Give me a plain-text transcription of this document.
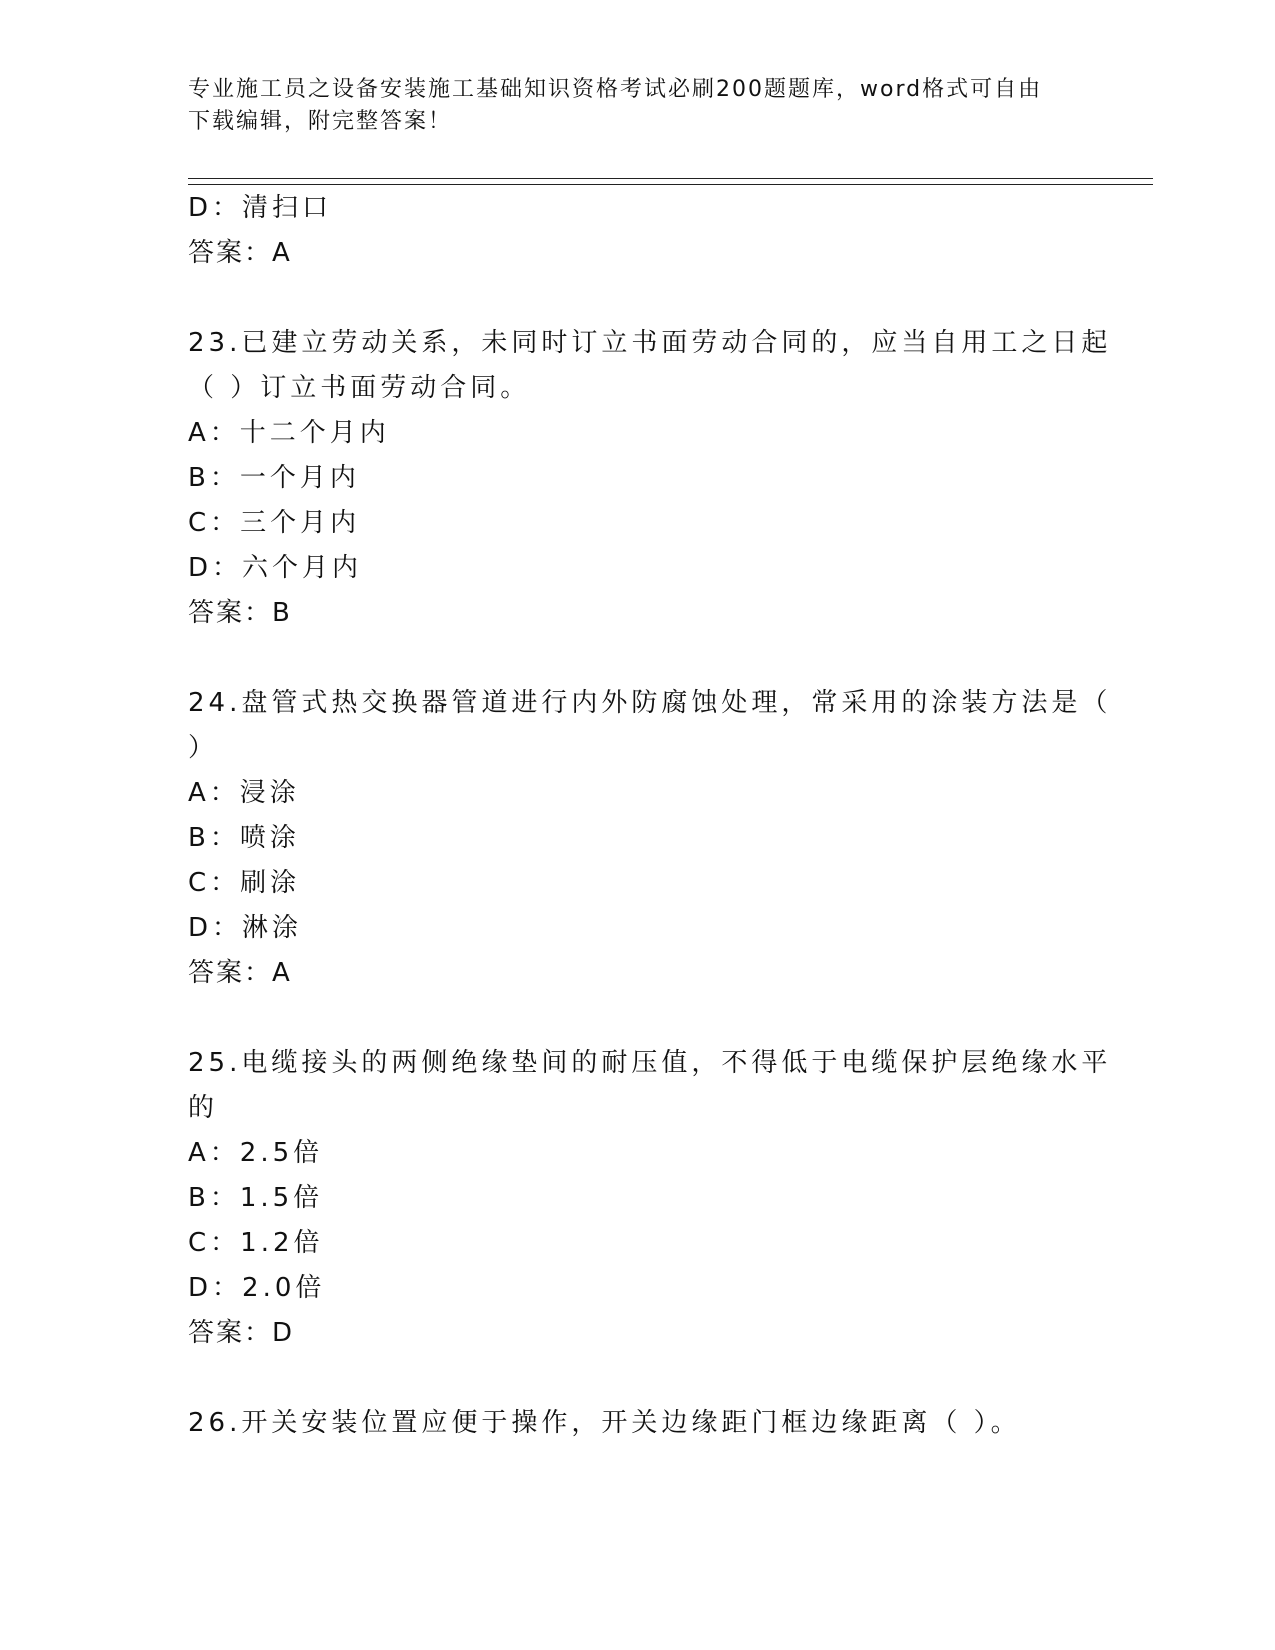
专业施工员之设备安装施工基础知识资格考试必刷200题题库，word格式可自由
下载编辑，附完整答案！
D：清扫口
答案：A
23.已建立劳动关系，未同时订立书面劳动合同的，应当自用工之日起
（ ）订立书面劳动合同。
A：十二个月内
B：一个月内
C：三个月内
D：六个月内
答案：B
24.盘管式热交换器管道进行内外防腐蚀处理，常采用的涂装方法是（
）
A：浸涂
B：喷涂
C：刷涂
D：淋涂
答案：A
25.电缆接头的两侧绝缘垫间的耐压值，不得低于电缆保护层绝缘水平
的
A：2.5倍
B：1.5倍
C：1.2倍
D：2.0倍
答案：D
26.开关安装位置应便于操作，开关边缘距门框边缘距离（ ）。
